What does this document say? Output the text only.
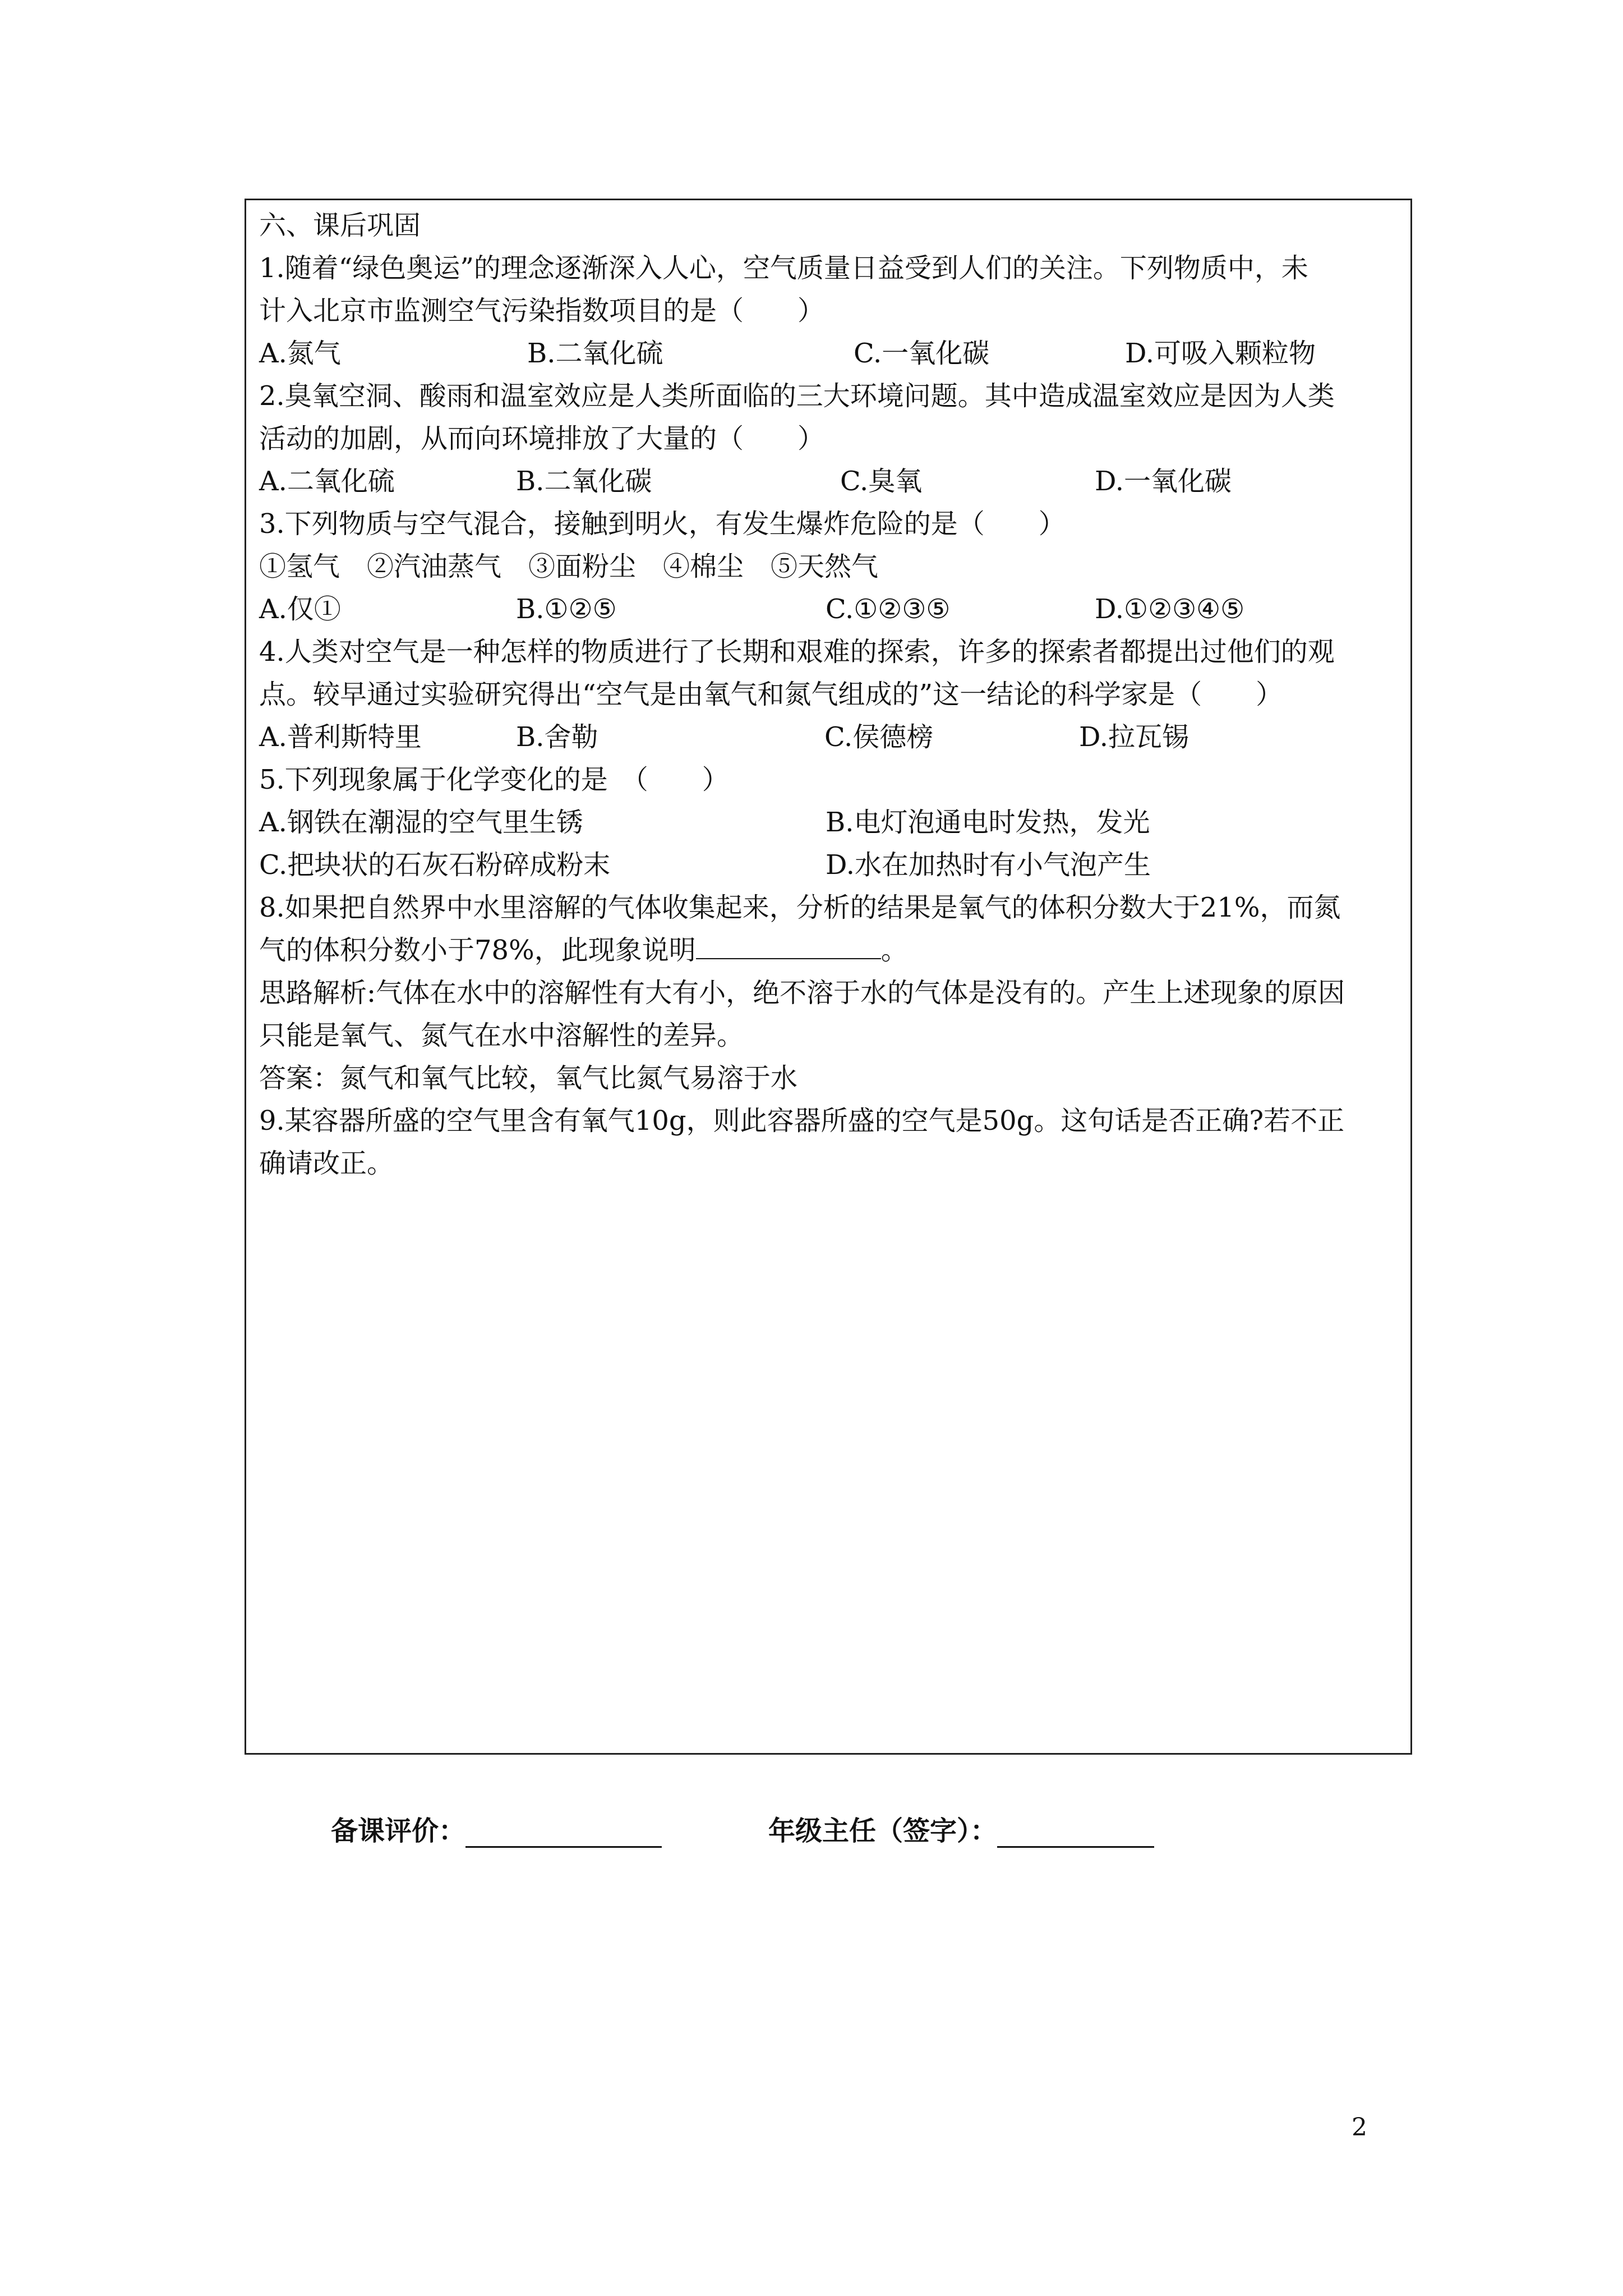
六、课后巩固
1.随着“绿色奥运”的理念逐渐深入人心，空气质量日益受到人们的关注。下列物质中，未
计入北京市监测空气污染指数项目的是（　　）
A.氮气	B.二氧化硫	C.一氧化碳	D.可吸入颗粒物
2.臭氧空洞、酸雨和温室效应是人类所面临的三大环境问题。其中造成温室效应是因为人类
活动的加剧，从而向环境排放了大量的（　　）
A.二氧化硫	B.二氧化碳	C.臭氧	D.一氧化碳
3.下列物质与空气混合，接触到明火，有发生爆炸危险的是（　　）
①氢气　②汽油蒸气　③面粉尘　④棉尘　⑤天然气
A.仅①	B.①②⑤	C.①②③⑤	D.①②③④⑤
4.人类对空气是一种怎样的物质进行了长期和艰难的探索，许多的探索者都提出过他们的观
点。较早通过实验研究得出“空气是由氧气和氮气组成的”这一结论的科学家是（　　）
A.普利斯特里	B.舍勒	C.侯德榜	D.拉瓦锡
5.下列现象属于化学变化的是　（　　）
A.钢铁在潮湿的空气里生锈	B.电灯泡通电时发热，发光
C.把块状的石灰石粉碎成粉末	D.水在加热时有小气泡产生
8.如果把自然界中水里溶解的气体收集起来，分析的结果是氧气的体积分数大于21%，而氮
气的体积分数小于78%，此现象说明	。
思路解析:气体在水中的溶解性有大有小，绝不溶于水的气体是没有的。产生上述现象的原因
只能是氧气、氮气在水中溶解性的差异。
答案：氮气和氧气比较，氧气比氮气易溶于水
9.某容器所盛的空气里含有氧气10g，则此容器所盛的空气是50g。这句话是否正确?若不正
确请改正。
备课评价：	年级主任（签字）：
2
